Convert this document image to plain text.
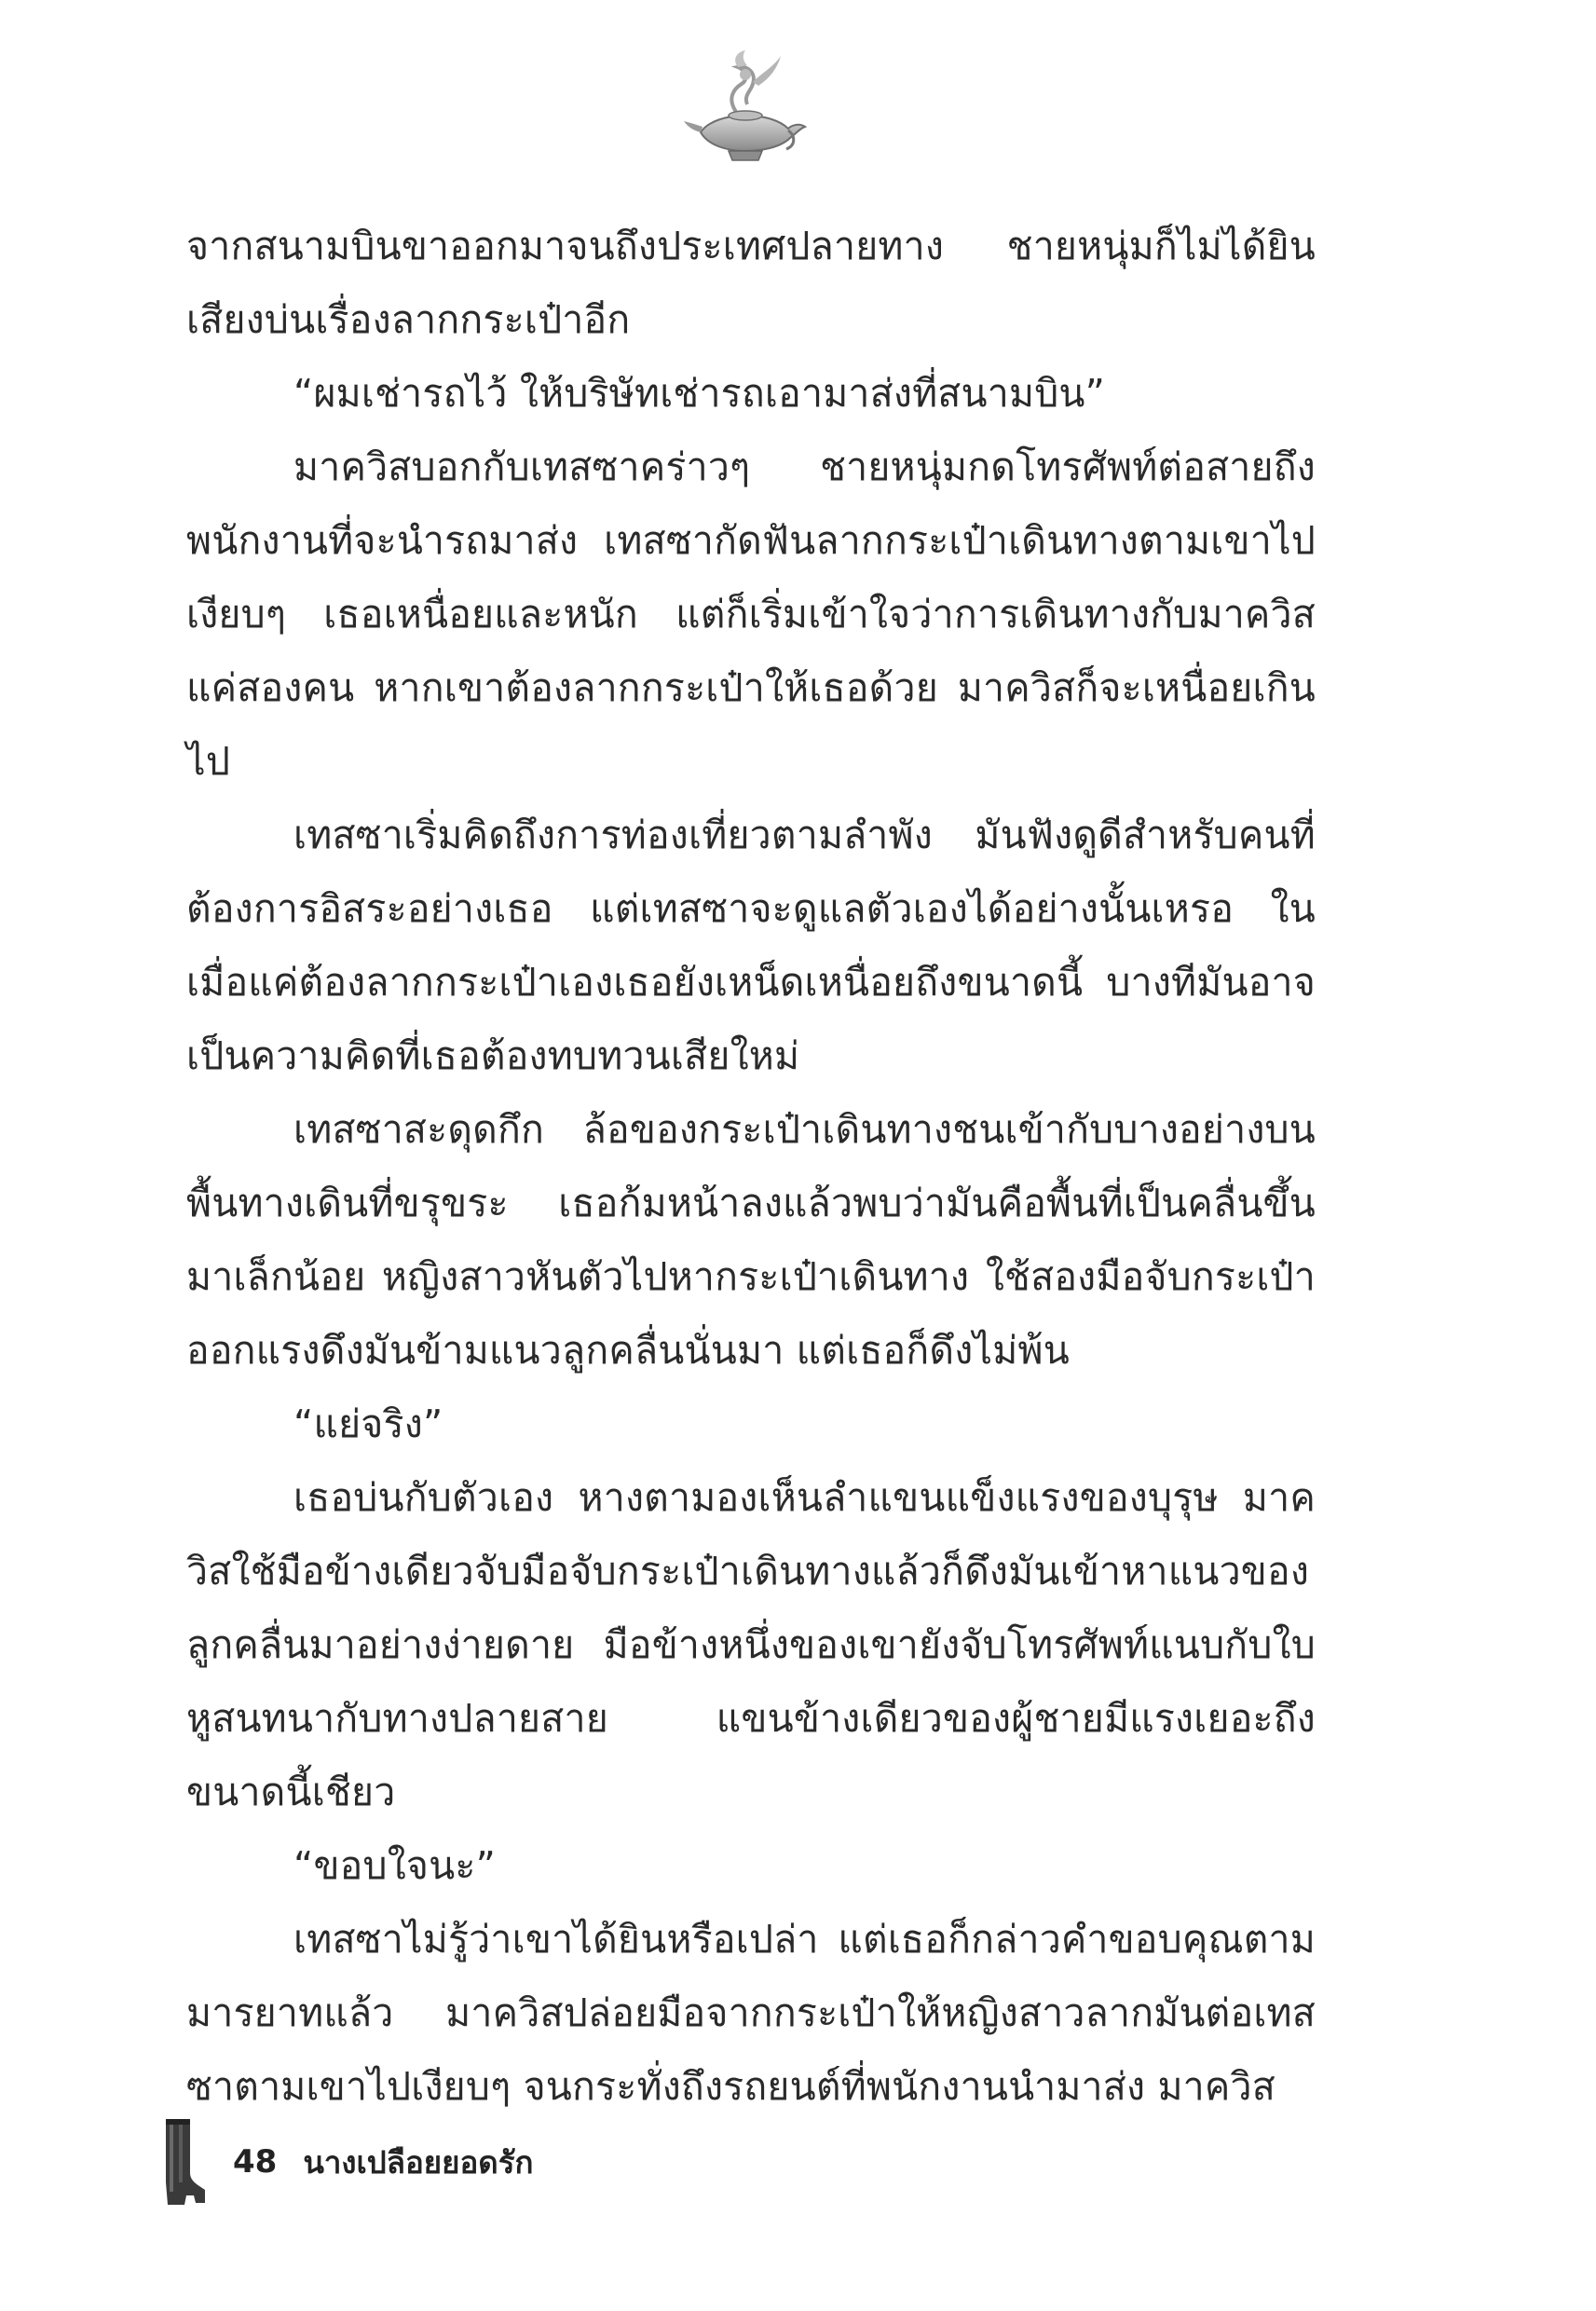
จากสนามบินขาออกมาจนถึงประเทศปลายทาง ชายหนุ่มก็ไม่ได้ยินเสียงบ่นเรื่องลากกระเป๋าอีก

“ผมเช่ารถไว้ ให้บริษัทเช่ารถเอามาส่งที่สนามบิน”

มาควิสบอกกับเทสซาคร่าวๆ ชายหนุ่มกดโทรศัพท์ต่อสายถึงพนักงานที่จะนำรถมาส่ง เทสซากัดฟันลากกระเป๋าเดินทางตามเขาไปเงียบๆ เธอเหนื่อยและหนัก แต่ก็เริ่มเข้าใจว่าการเดินทางกับมาควิสแค่สองคน หากเขาต้องลากกระเป๋าให้เธอด้วย มาควิสก็จะเหนื่อยเกินไป

เทสซาเริ่มคิดถึงการท่องเที่ยวตามลำพัง มันฟังดูดีสำหรับคนที่ต้องการอิสระอย่างเธอ แต่เทสซาจะดูแลตัวเองได้อย่างนั้นเหรอ ในเมื่อแค่ต้องลากกระเป๋าเองเธอยังเหน็ดเหนื่อยถึงขนาดนี้ บางทีมันอาจเป็นความคิดที่เธอต้องทบทวนเสียใหม่

เทสซาสะดุดกึก ล้อของกระเป๋าเดินทางชนเข้ากับบางอย่างบนพื้นทางเดินที่ขรุขระ เธอก้มหน้าลงแล้วพบว่ามันคือพื้นที่เป็นคลื่นขึ้นมาเล็กน้อย หญิงสาวหันตัวไปหากระเป๋าเดินทาง ใช้สองมือจับกระเป๋าออกแรงดึงมันข้ามแนวลูกคลื่นนั่นมา แต่เธอก็ดึงไม่พ้น

“แย่จริง”

เธอบ่นกับตัวเอง หางตามองเห็นลำแขนแข็งแรงของบุรุษ มาควิสใช้มือข้างเดียวจับมือจับกระเป๋าเดินทางแล้วก็ดึงมันเข้าหาแนวของลูกคลื่นมาอย่างง่ายดาย มือข้างหนึ่งของเขายังจับโทรศัพท์แนบกับใบหูสนทนากับทางปลายสาย แขนข้างเดียวของผู้ชายมีแรงเยอะถึงขนาดนี้เชียว

“ขอบใจนะ”

เทสซาไม่รู้ว่าเขาได้ยินหรือเปล่า แต่เธอก็กล่าวคำขอบคุณตามมารยาทแล้ว มาควิสปล่อยมือจากกระเป๋าให้หญิงสาวลากมันต่อเทสซาตามเขาไปเงียบๆ จนกระทั่งถึงรถยนต์ที่พนักงานนำมาส่ง มาควิส

48 นางเปลือยยอดรัก
